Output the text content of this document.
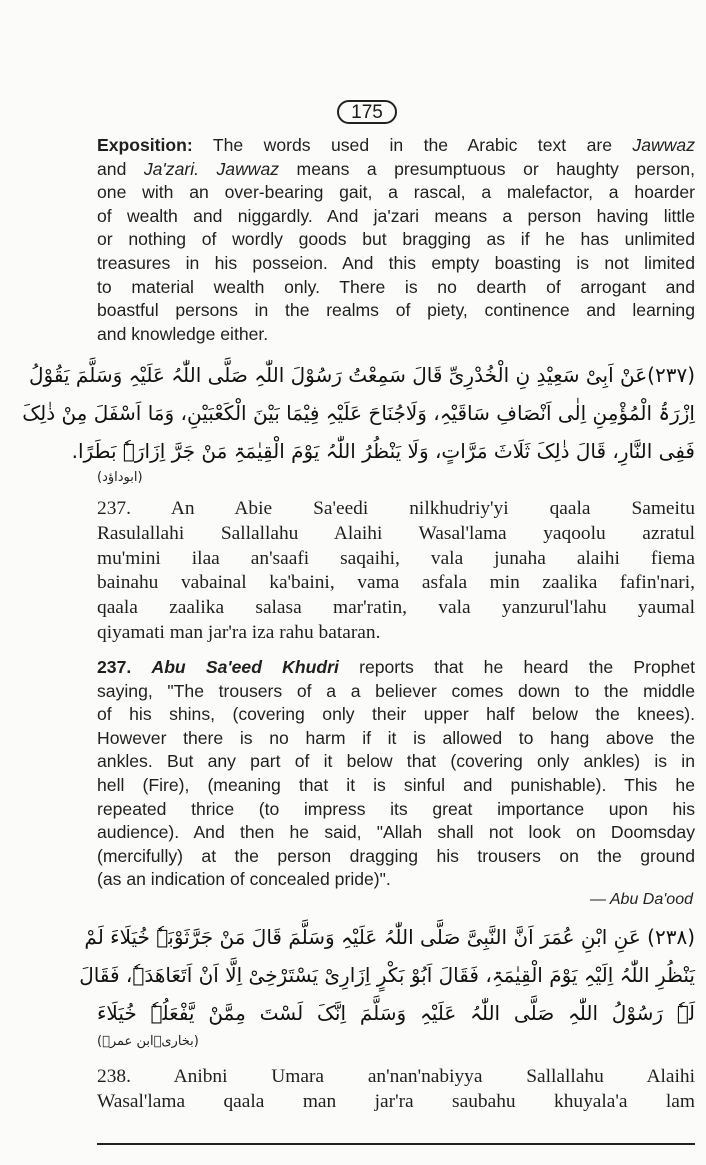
175
Exposition: The words used in the Arabic text are Jawwaz
and Ja'zari. Jawwaz means a presumptuous or haughty person,
one with an over-bearing gait, a rascal, a malefactor, a hoarder
of wealth and niggardly. And ja'zari means a person having little
or nothing of wordly goods but bragging as if he has unlimited
treasures in his posseion. And this empty boasting is not limited
to material wealth only. There is no dearth of arrogant and
boastful persons in the realms of piety, continence and learning
and knowledge either.
(٢٣٧)عَنْ اَبِیْ سَعِیْدِ نِ الْخُدْرِیِّ قَالَ سَمِعْتُ رَسُوْلَ اللّٰہِ صَلَّی اللّٰہُ عَلَیْہِ وَسَلَّمَ یَقُوْلُ
اِزْرَۃُ الْمُؤْمِنِ اِلٰی اَنْصَافِ سَاقَیْہِ، وَلَاجُنَاحَ عَلَیْہِ فِیْمَا بَیْنَ الْکَعْبَیْنِ، وَمَا اَسْفَلَ مِنْ ذٰلِکَ
فَفِی النَّارِ، قَالَ ذٰلِکَ ثَلَاثَ مَرَّاتٍ، وَلَا یَنْظُرُ اللّٰہُ یَوْمَ الْقِیٰمَۃِ مَنْ جَرَّ اِزَارَہٗ بَطَرًا.
(ابوداؤد)
237. An Abie Sa'eedi nilkhudriy'yi qaala Sameitu
Rasulallahi Sallallahu Alaihi Wasal'lama yaqoolu azratul
mu'mini ilaa an'saafi saqaihi, vala junaha alaihi fiema
bainahu vabainal ka'baini, vama asfala min zaalika fafin'nari,
qaala zaalika salasa mar'ratin, vala yanzurul'lahu yaumal
qiyamati man jar'ra iza rahu bataran.
237. Abu Sa'eed Khudri reports that he heard the Prophet
saying, "The trousers of a a believer comes down to the middle
of his shins, (covering only their upper half below the knees).
However there is no harm if it is allowed to hang above the
ankles. But any part of it below that (covering only ankles) is in
hell (Fire), (meaning that it is sinful and punishable). This he
repeated thrice (to impress its great importance upon his
audience). And then he said, "Allah shall not look on Doomsday
(mercifully) at the person dragging his trousers on the ground
(as an indication of concealed pride)".
— Abu Da'ood
(٢٣٨) عَنِ ابْنِ عُمَرَ اَنَّ النَّبِیَّ صَلَّی اللّٰہُ عَلَیْہِ وَسَلَّمَ قَالَ مَنْ جَرَّثَوْبَہٗ خُیَلَاءَ لَمْ
یَنْظُرِ اللّٰہُ اِلَیْہِ یَوْمَ الْقِیٰمَۃِ، فَقَالَ اَبُوْ بَکْرٍ اِزَارِیْ یَسْتَرْخِیْ اِلَّا اَنْ اَتَعَاھَدَہٗ، فَقَالَ
لَہٗ رَسُوْلُ اللّٰہِ صَلَّی اللّٰہُ عَلَیْہِ وَسَلَّمَ اِنَّکَ لَسْتَ مِمَّنْ یَّفْعَلُہٗ خُیَلَاءَ
(بخاری۔ابن عمرؓ)
238. Anibni Umara an'nan'nabiyya Sallallahu Alaihi
Wasal'lama qaala man jar'ra saubahu khuyala'a lam
